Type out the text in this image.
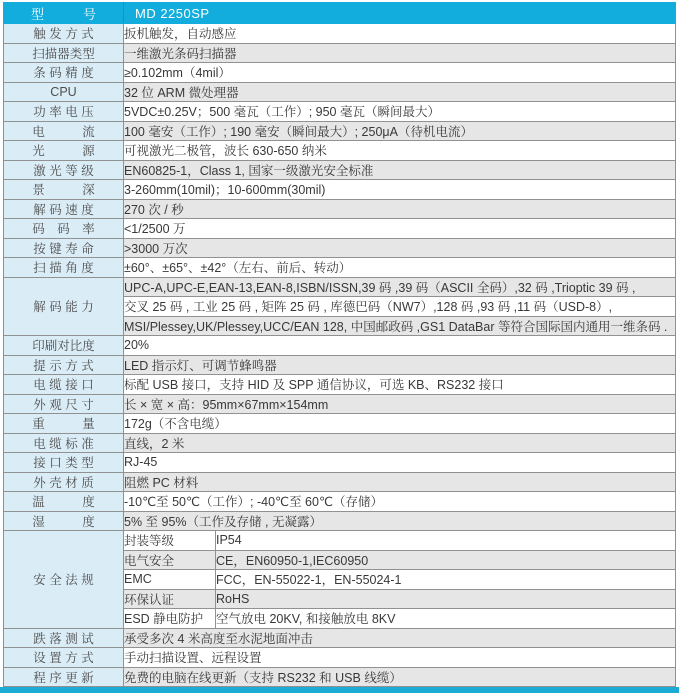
型　　　号	MD 2250SP	
触 发 方 式	扳机触发，自动感应	
扫描器类型	一维激光条码扫描器	
条 码 精 度	≥0.102mm（4mil）	
CPU	32 位 ARM 微处理器	
功 率 电 压	5VDC±0.25V；500 毫瓦（工作）; 950 毫瓦（瞬间最大）	
电　　　流	100 毫安（工作）; 190 毫安（瞬间最大）; 250μA（待机电流）	
光　　　源	可视激光二极管，波长 630-650 纳米	
激 光 等 级	EN60825-1，Class 1, 国家一级激光安全标准	
景　　　深	3-260mm(10mil)；10-600mm(30mil)	
解 码 速 度	270 次 / 秒	
码　码　率	<1/2500 万	
按 键 寿 命	>3000 万次	
扫 描 角 度	±60°、±65°、±42°（左右、前后、转动）	
解 码 能 力	UPC-A,UPC-E,EAN-13,EAN-8,ISBN/ISSN,39 码 ,39 码（ASCII 全码）,32 码 ,Trioptic 39 码 ,	
	交叉 25 码 , 工业 25 码 , 矩阵 25 码 , 库德巴码（NW7）,128 码 ,93 码 ,11 码（USD-8）,	
	MSI/Plessey,UK/Plessey,UCC/EAN 128, 中国邮政码 ,GS1 DataBar 等符合国际国内通用一维条码 .	
印刷对比度	20%	
提 示 方 式	LED 指示灯、可调节蜂鸣器	
电 缆 接 口	标配 USB 接口，支持 HID 及 SPP 通信协议，可选 KB、RS232 接口	
外 观 尺 寸	长 × 宽 × 高：95mm×67mm×154mm	
重　　　量	172g（不含电缆）	
电 缆 标 准	直线，2 米	
接 口 类 型	RJ-45	
外 壳 材 质	阻燃 PC 材料	
温　　　度	-10℃至 50℃（工作）; -40℃至 60℃（存储）	
湿　　　度	5% 至 95%（工作及存储 , 无凝露）	
安 全 法 规	封装等级	IP54
	电气安全	CE，EN60950-1,IEC60950
	EMC	FCC，EN-55022-1，EN-55024-1
	环保认证	RoHS
	ESD 静电防护	空气放电 20KV, 和接触放电 8KV
跌 落 测 试	承受多次 4 米高度至水泥地面冲击	
设 置 方 式	手动扫描设置、远程设置	
程 序 更 新	免费的电脑在线更新（支持 RS232 和 USB 线缆）	
